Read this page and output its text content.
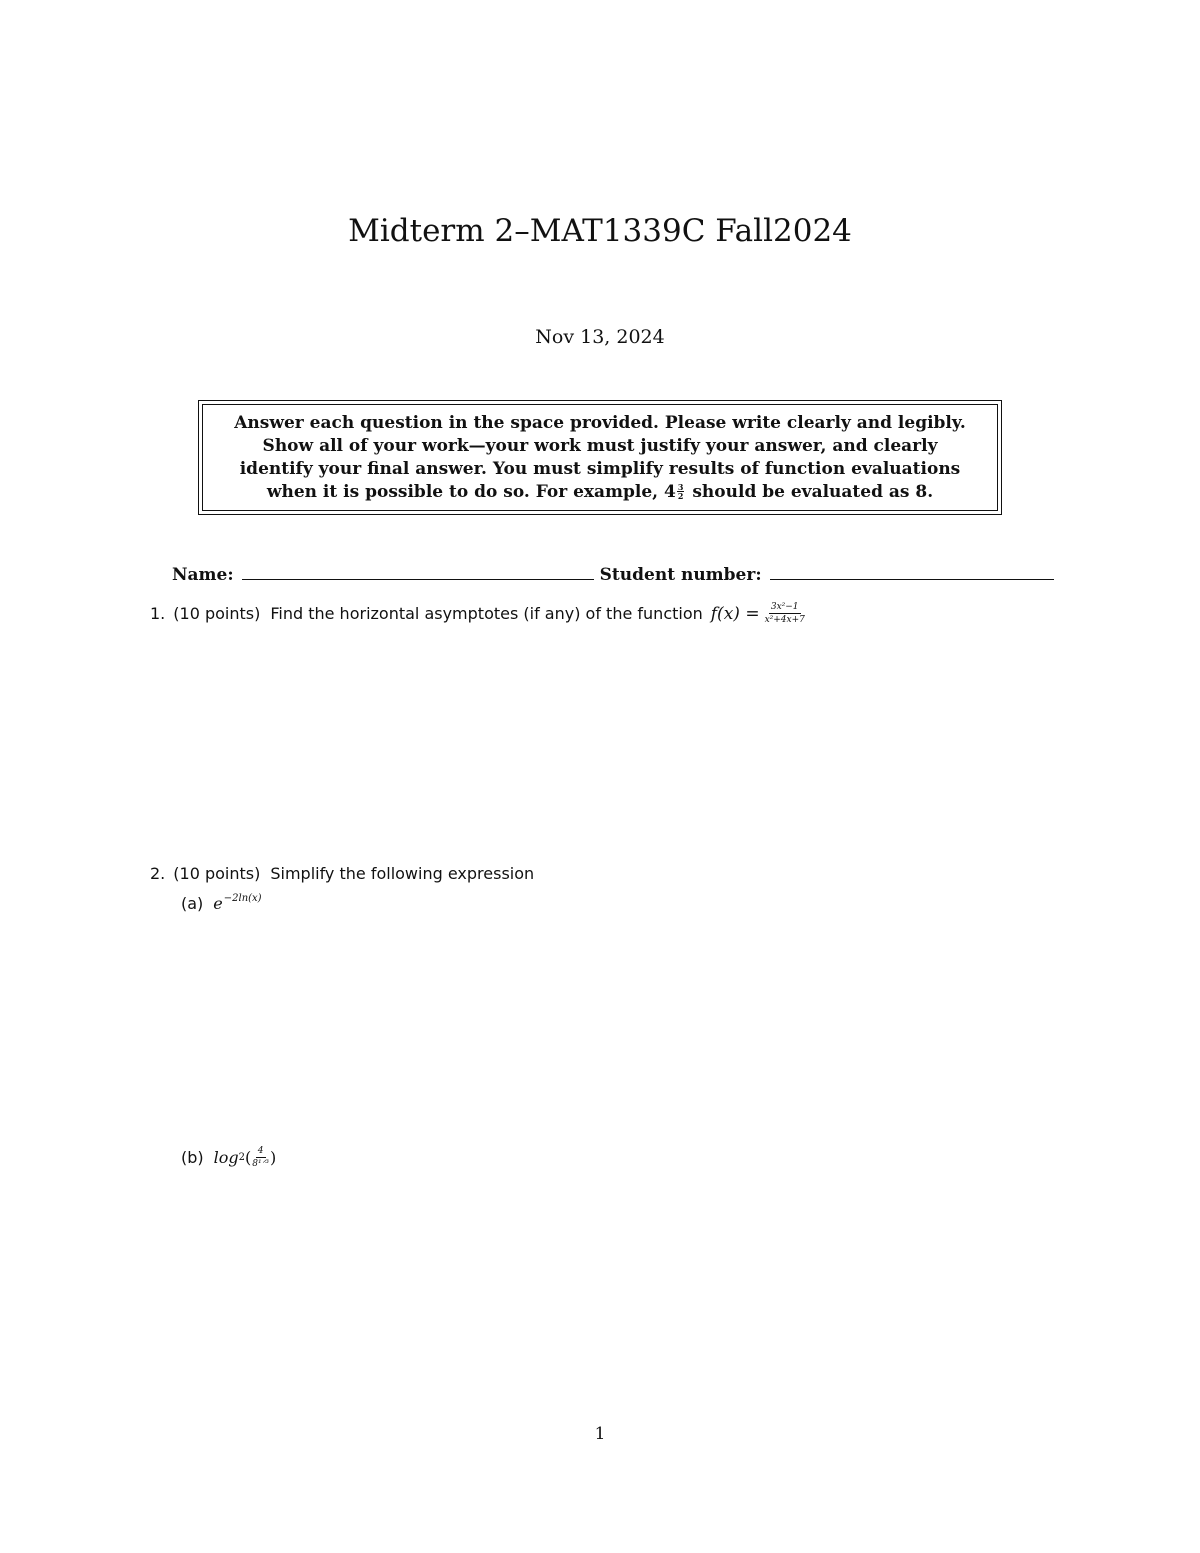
Midterm 2–MAT1339C Fall2024
Nov 13, 2024
Answer each question in the space provided. Please write clearly and legibly.
Show all of your work—your work must justify your answer, and clearly
identify your final answer. You must simplify results of function evaluations
when it is possible to do so. For example, $4 \frac{3}{2}$ should be evaluated as 8.
Name:	Student number:
1. (10 points) Find the horizontal asymptotes (if any) of the function $f(x) = \frac{\text{3x²−1}}{\text{x²+4x+7}}$
2. (10 points) Simplify the following expression
(a) $e^{-2ln(x)}$
(b) log 2 ( $\frac{4}{\text{8¹ᐟ³}}$ )
1
